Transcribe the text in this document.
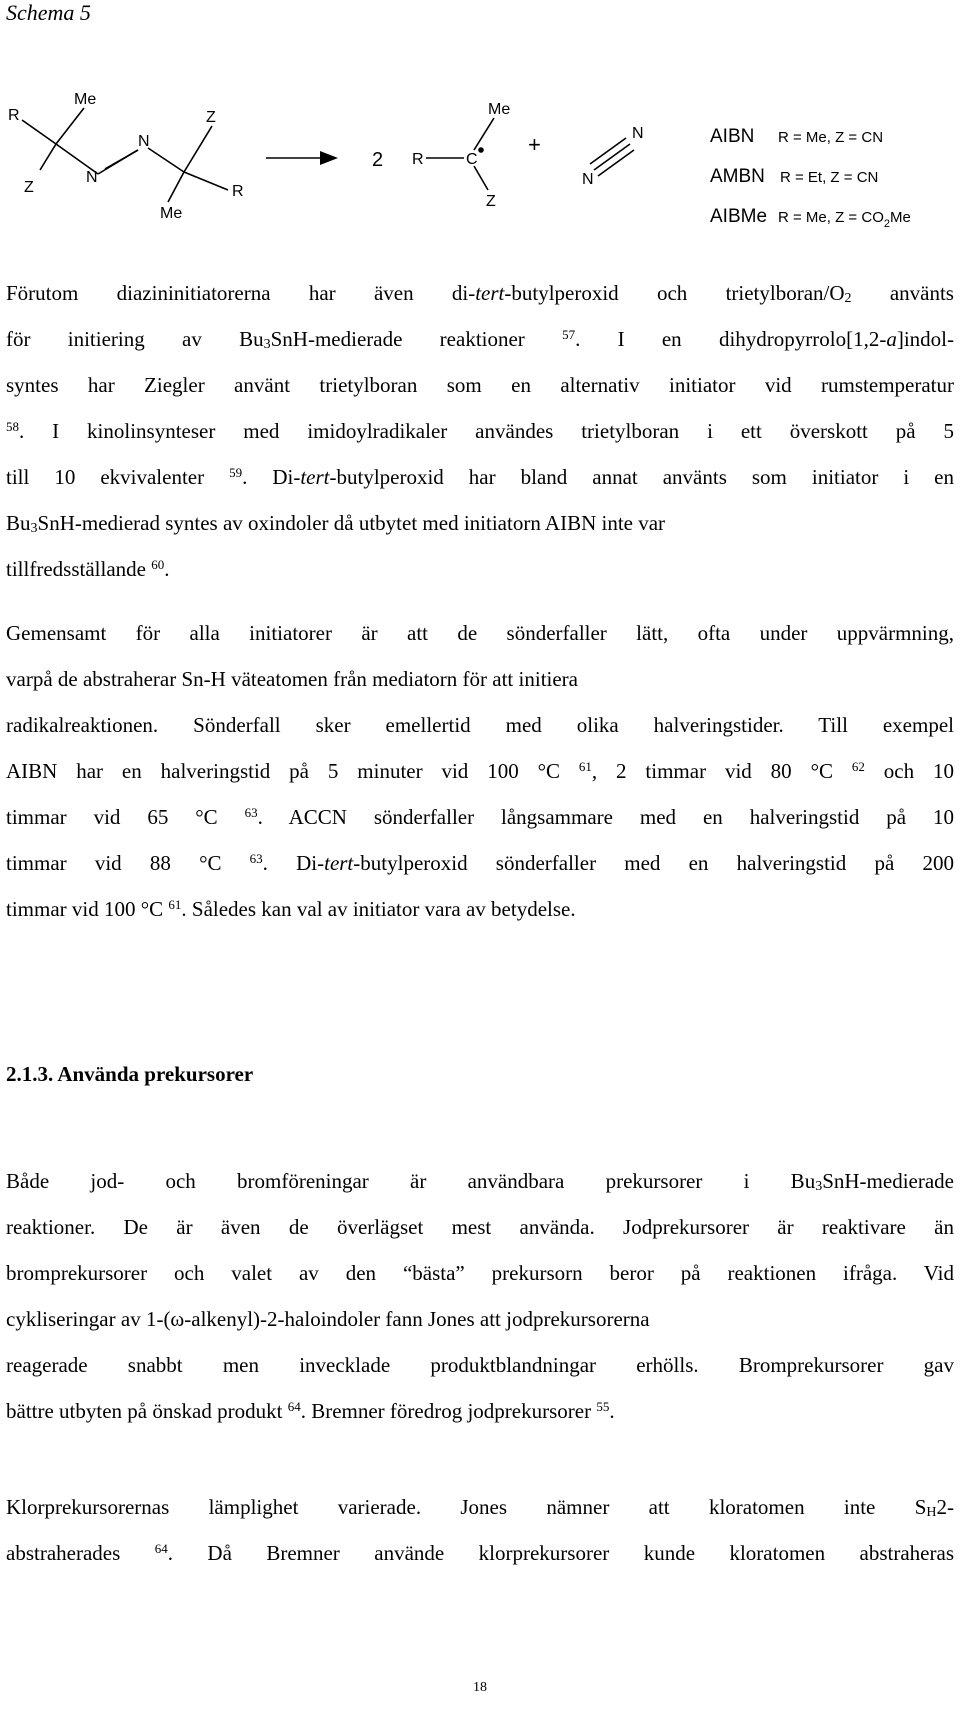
Schema 5
R
Me
N
Z
Z
N
Me
R
2 R	C
Me
Z
+
N
N	AIBN R = Me, Z = CN
AMBN R = Et, Z = CN
AIBMe R = Me, $Z = CO_2Me$
Förutom diazininitiatorerna har även di-tert-butylperoxid och trietylboran/$O_2$ använts
för initiering av $Bu_3SnH$-medierade reaktioner $^{57}$. I en dihydropyrrolo[1,2-a]indol-
syntes har Ziegler använt trietylboran som en alternativ initiator vid rumstemperatur
$^{58}$. I kinolinsynteser med imidoylradikaler användes trietylboran i ett överskott på 5
till 10 ekvivalenter $^{59}$. Di-tert-butylperoxid har bland annat använts som initiator i en
$Bu_3SnH$-medierad syntes av oxindoler då utbytet med initiatorn AIBN inte var
tillfredsställande $^{60}$.
Gemensamt för alla initiatorer är att de sönderfaller lätt, ofta under uppvärmning,
varpå de abstraherar Sn-H väteatomen från mediatorn för att initiera
radikalreaktionen. Sönderfall sker emellertid med olika halveringstider. Till exempel
AIBN har en halveringstid på 5 minuter vid 100 °C $^{61}$, 2 timmar vid 80 °C $^{62}$ och 10
timmar vid 65 °C $^{63}$. ACCN sönderfaller långsammare med en halveringstid på 10
timmar vid 88 °C $^{63}$. Di-tert-butylperoxid sönderfaller med en halveringstid på 200
timmar vid 100 °C $^{61}$. Således kan val av initiator vara av betydelse.
2.1.3. Använda prekursorer
Både jod- och bromföreningar är användbara prekursorer i $Bu_3SnH$-medierade
reaktioner. De är även de överlägset mest använda. Jodprekursorer är reaktivare än
bromprekursorer och valet av den “bästa” prekursorn beror på reaktionen ifråga. Vid
cykliseringar av 1-(ω-alkenyl)-2-haloindoler fann Jones att jodprekursorerna
reagerade snabbt men invecklade produktblandningar erhölls. Bromprekursorer gav
bättre utbyten på önskad produkt $^{64}$. Bremner föredrog jodprekursorer $^{55}$.
Klorprekursorernas lämplighet varierade. Jones nämner att kloratomen inte $S_H2-$
abstraherades $^{64}$. Då Bremner använde klorprekursorer kunde kloratomen abstraheras
18
